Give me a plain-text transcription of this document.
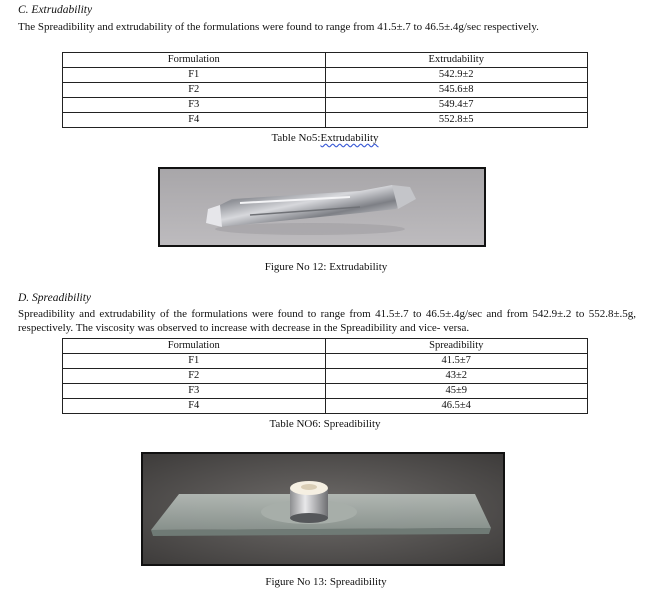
C. Extrudability
The Spreadibility and extrudability of the formulations were found to range from 41.5±.7 to 46.5±.4g/sec respectively.
Formulation	Extrudability
F1	542.9±2
F2	545.6±8
F3	549.4±7
F4	552.8±5
Table No5:Extrudability
Figure No 12: Extrudability
D. Spreadibility
Spreadibility and extrudability of the formulations were found to range from 41.5±.7 to 46.5±.4g/sec and from 542.9±.2 to 552.8±.5g, respectively. The viscosity was observed to increase with decrease in the Spreadibility and vice- versa.
Formulation	Spreadibility
F1	41.5±7
F2	43±2
F3	45±9
F4	46.5±4
Table NO6: Spreadibility
Figure No 13: Spreadibility
